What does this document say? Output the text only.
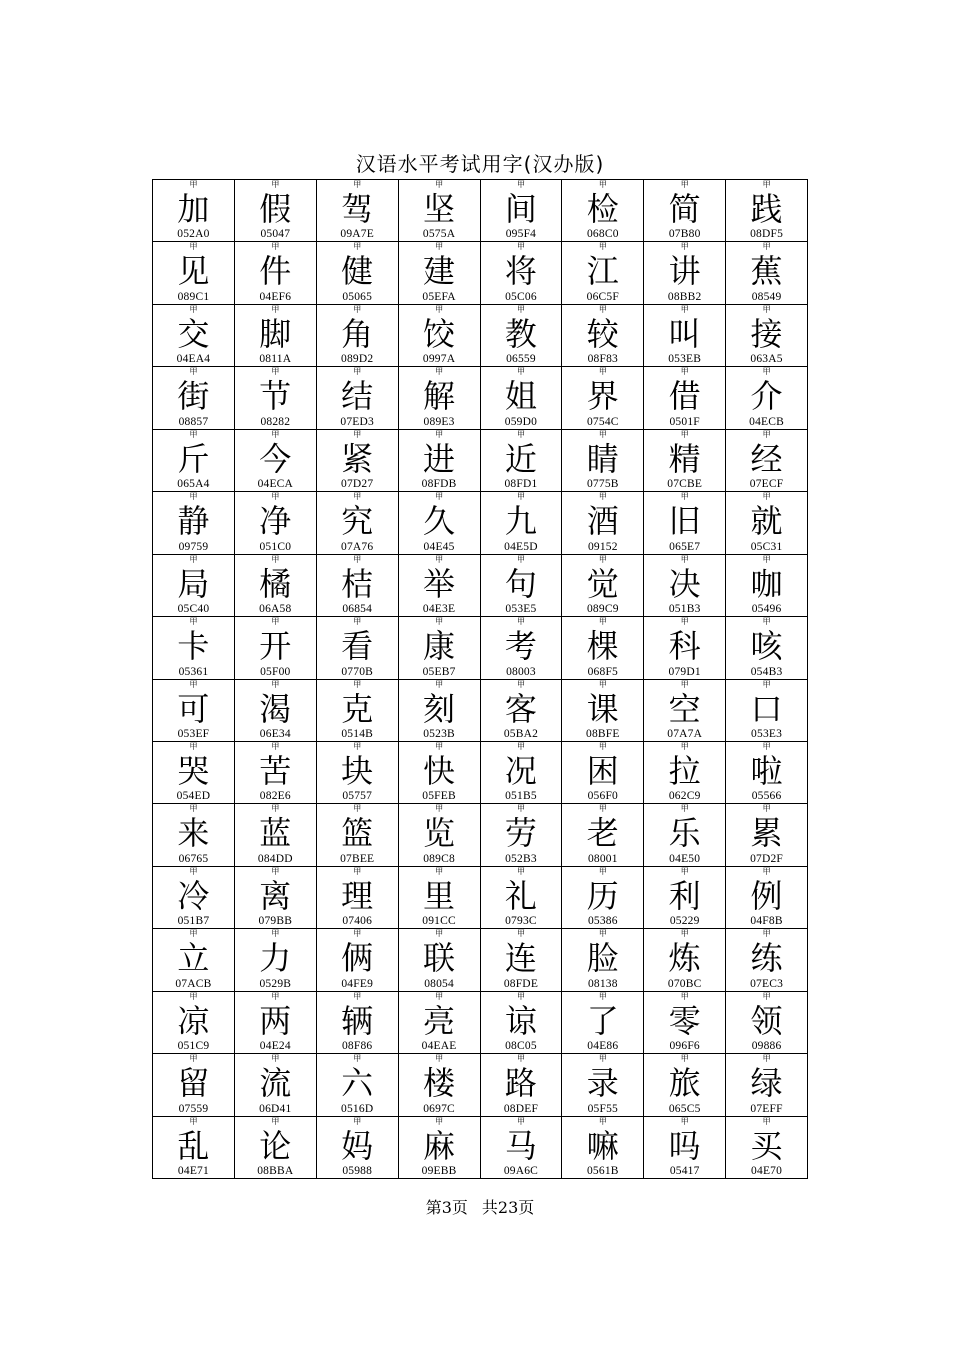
汉语水平考试用字(汉办版)
甲
加
052A0
甲
假
05047
甲
驾
09A7E
甲
坚
0575A
甲
间
095F4
甲
检
068C0
甲
简
07B80
甲
践
08DF5
甲
见
089C1
甲
件
04EF6
甲
健
05065
甲
建
05EFA
甲
将
05C06
甲
江
06C5F
甲
讲
08BB2
甲
蕉
08549
甲
交
04EA4
甲
脚
0811A
甲
角
089D2
甲
饺
0997A
甲
教
06559
甲
较
08F83
甲
叫
053EB
甲
接
063A5
甲
街
08857
甲
节
08282
甲
结
07ED3
甲
解
089E3
甲
姐
059D0
甲
界
0754C
甲
借
0501F
甲
介
04ECB
甲
斤
065A4
甲
今
04ECA
甲
紧
07D27
甲
进
08FDB
甲
近
08FD1
甲
睛
0775B
甲
精
07CBE
甲
经
07ECF
甲
静
09759
甲
净
051C0
甲
究
07A76
甲
久
04E45
甲
九
04E5D
甲
酒
09152
甲
旧
065E7
甲
就
05C31
甲
局
05C40
甲
橘
06A58
甲
桔
06854
甲
举
04E3E
甲
句
053E5
甲
觉
089C9
甲
决
051B3
甲
咖
05496
甲
卡
05361
甲
开
05F00
甲
看
0770B
甲
康
05EB7
甲
考
08003
甲
棵
068F5
甲
科
079D1
甲
咳
054B3
甲
可
053EF
甲
渴
06E34
甲
克
0514B
甲
刻
0523B
甲
客
05BA2
甲
课
08BFE
甲
空
07A7A
甲
口
053E3
甲
哭
054ED
甲
苦
082E6
甲
块
05757
甲
快
05FEB
甲
况
051B5
甲
困
056F0
甲
拉
062C9
甲
啦
05566
甲
来
06765
甲
蓝
084DD
甲
篮
07BEE
甲
览
089C8
甲
劳
052B3
甲
老
08001
甲
乐
04E50
甲
累
07D2F
甲
冷
051B7
甲
离
079BB
甲
理
07406
甲
里
091CC
甲
礼
0793C
甲
历
05386
甲
利
05229
甲
例
04F8B
甲
立
07ACB
甲
力
0529B
甲
俩
04FE9
甲
联
08054
甲
连
08FDE
甲
脸
08138
甲
炼
070BC
甲
练
07EC3
甲
凉
051C9
甲
两
04E24
甲
辆
08F86
甲
亮
04EAE
甲
谅
08C05
甲
了
04E86
甲
零
096F6
甲
领
09886
甲
留
07559
甲
流
06D41
甲
六
0516D
甲
楼
0697C
甲
路
08DEF
甲
录
05F55
甲
旅
065C5
甲
绿
07EFF
甲
乱
04E71
甲
论
08BBA
甲
妈
05988
甲
麻
09EBB
甲
马
09A6C
甲
嘛
0561B
甲
吗
05417
甲
买
04E70
第3页 共23页
